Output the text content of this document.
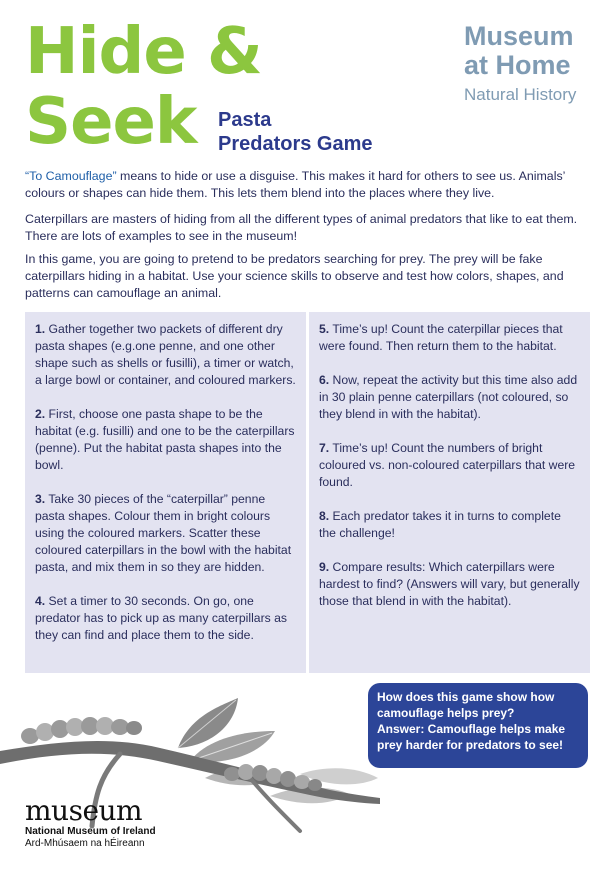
Hide &
Seek Pasta
Predators Game
Museum
at Home
Natural History

“To Camouflage” means to hide or use a disguise. This makes it hard for others to see us. Animals’ colours or shapes can hide them. This lets them blend into the places where they live.

Caterpillars are masters of hiding from all the different types of animal predators that like to eat them. There are lots of examples to see in the museum!

In this game, you are going to pretend to be predators searching for prey. The prey will be fake caterpillars hiding in a habitat. Use your science skills to observe and test how colors, shapes, and patterns can camouflage an animal.

1. Gather together two packets of different dry pasta shapes (e.g.one penne, and one other shape such as shells or fusilli), a timer or watch, a large bowl or container, and coloured markers.

2. First, choose one pasta shape to be the habitat (e.g. fusilli) and one to be the caterpillars (penne). Put the habitat pasta shapes into the bowl.

3. Take 30 pieces of the “caterpillar” penne pasta shapes. Colour them in bright colours using the coloured markers. Scatter these coloured caterpillars in the bowl with the habitat pasta, and mix them in so they are hidden.

4. Set a timer to 30 seconds. On go, one predator has to pick up as many caterpillars as they can find and place them to the side.

5. Time’s up! Count the caterpillar pieces that were found. Then return them to the habitat.

6. Now, repeat the activity but this time also add in 30 plain penne caterpillars (not coloured, so they blend in with the habitat).

7. Time’s up! Count the numbers of bright coloured vs. non-coloured caterpillars that were found.

8. Each predator takes it in turns to complete the challenge!

9. Compare results: Which caterpillars were hardest to find? (Answers will vary, but generally those that blend in with the habitat).

How does this game show how camouflage helps prey?
Answer: Camouflage helps make prey harder for predators to see!
museum
National Museum of Ireland
Ard-Mhúsaem na hÉireann
